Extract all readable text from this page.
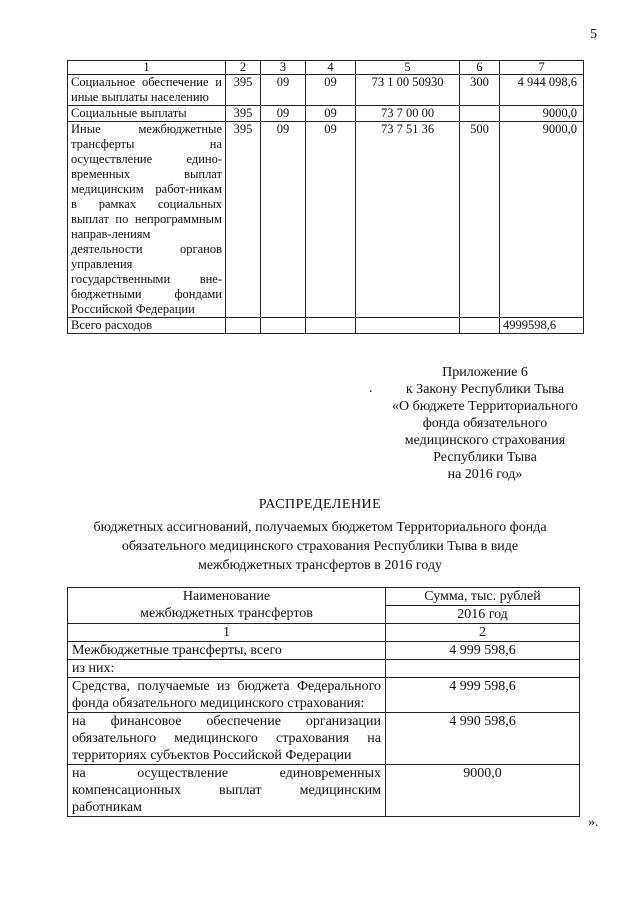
5
1	2	3	4	5	6	7
Социальное обеспечение и иные выплаты населению	395	09	09	73 1 00 50930	300	4 944 098,6
Социальные выплаты	395	09	09	73 7 00 00		9000,0
Иные межбюджетные трансферты на осуществление едино-временных выплат медицинским работ-никам в рамках социальных выплат по непрограммным направ-лениям деятельности органов управления государственными вне-бюджетными фондами Российской Федерации	395	09	09	73 7 51 36	500	9000,0
Всего расходов						4999598,6
.
Приложение 6
к Закону Республики Тыва
«О бюджете Территориального
фонда обязательного
медицинского страхования
Республики Тыва
на 2016 год»
РАСПРЕДЕЛЕНИЕ
бюджетных ассигнований, получаемых бюджетом Территориального фонда
обязательного медицинского страхования Республики Тыва в виде
межбюджетных трансфертов в 2016 году
Наименование
межбюджетных трансфертов	Сумма, тыс. рублей
	2016 год
1	2
Межбюджетные трансферты, всего	4 999 598,6
из них:	
Средства, получаемые из бюджета Федерального фонда обязательного медицинского страхования:	4 999 598,6
на финансовое обеспечение организации обязательного медицинского страхования на территориях субъектов Российской Федерации	4 990 598,6
на осуществление единовременных компенсационных выплат медицинским работникам	9000,0
».
